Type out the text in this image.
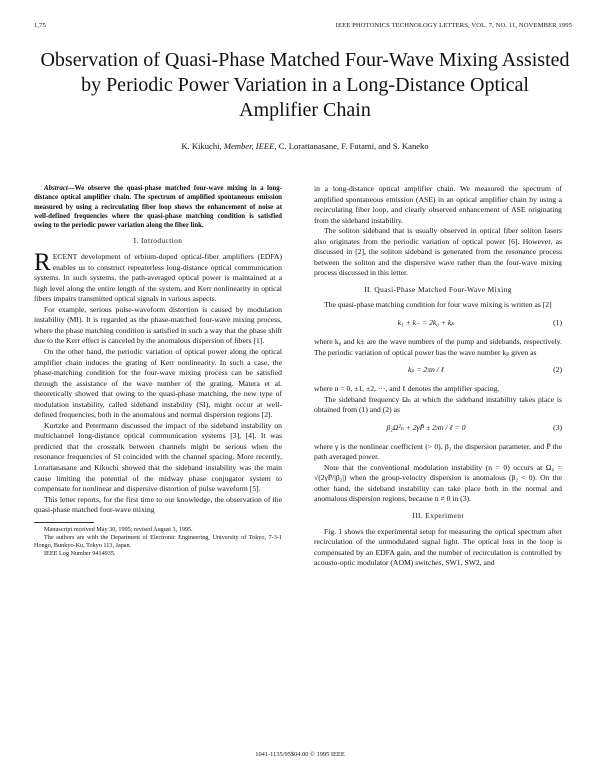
1,75	IEEE PHOTONICS TECHNOLOGY LETTERS, VOL. 7, NO. 11, NOVEMBER 1995
Observation of Quasi-Phase Matched Four-Wave Mixing Assisted by Periodic Power Variation in a Long-Distance Optical Amplifier Chain
K. Kikuchi, Member, IEEE, C. Lorattanasane, F. Futami, and S. Kaneko

Abstract—We observe the quasi-phase matched four-wave mixing in a long-distance optical amplifier chain. The spectrum of amplified spontaneous emission measured by using a recirculating fiber loop shows the enhancement of noise at well-defined frequencies where the quasi-phase matching condition is satisfied owing to the periodic power variation along the fiber link.

I. Introduction

RECENT development of erbium-doped optical-fiber amplifiers (EDFA) enables us to construct repeaterless long-distance optical communication systems. In such systems, the path-averaged optical power is maintained at a high level along the entire length of the system, and Kerr nonlinearity in optical fibers impairs transmitted optical signals in various aspects.

For example, serious pulse-waveform distortion is caused by modulation instability (MI). It is regarded as the phase-matched four-wave mixing process, where the phase matching condition is satisfied in such a way that the phase shift due to the Kerr effect is canceled by the anomalous dispersion of fibers [1].

On the other hand, the periodic variation of optical power along the optical amplifier chain induces the grating of Kerr nonlinearity. In such a case, the phase-matching condition for the four-wave mixing process can be satisfied through the assistance of the wave number of the grating. Matera et al. theoretically showed that owing to the quasi-phase matching, the new type of modulation instability, called sideband instability (SI), might occur at well-defined frequencies, both in the anomalous and normal dispersion regions [2].

Kurtzke and Petermann discussed the impact of the sideband instability on multichannel long-distance optical communication systems [3], [4]. It was predicted that the crosstalk between channels might be serious when the resonance frequencies of SI coincided with the channel spacing. More recently, Lorattanasane and Kikuchi showed that the sideband instability was the main cause limiting the potential of the midway phase conjugator system to compensate for nonlinear and dispersive distortion of pulse waveform [5].

This letter reports, for the first time to our knowledge, the observation of the quasi-phase matched four-wave mixing

Manuscript received May 30, 1995; revised August 3, 1995.

The authors are with the Department of Electronic Engineering, University of Tokyo, 7-3-1 Hongo, Bunkyo-Ku, Tokyo 113, Japan.

IEEE Log Number 9414935.

in a long-distance optical amplifier chain. We measured the spectrum of amplified spontaneous emission (ASE) in an optical amplifier chain by using a recirculating fiber loop, and clearly observed enhancement of ASE originating from the sideband instability.

The soliton sideband that is usually observed in optical fiber soliton lasers also originates from the periodic variation of optical power [6]. However, as discussed in [2], the soliton sideband is generated from the resonance process between the soliton and the dispersive wave rather than the four-wave mixing process discussed in this letter.

II. Quasi-Phase Matched Four-Wave Mixing

The quasi-phase matching condition for four wave mixing is written as [2]

k₁ + k₋ = 2k₀ + kₚ	(1)

where k₀ and k± are the wave numbers of the pump and sidebands, respectively. The periodic variation of optical power has the wave number kₚ given as

kₚ = 2πn / ℓ	(2)

where n = 0, ±1, ±2, ···, and ℓ denotes the amplifier spacing.

The sideband frequency Ωₙ at which the sideband instability takes place is obtained from (1) and (2) as

β₂Ω²ₙ + 2γP̄ ± 2πn / ℓ = 0	(3)

where γ is the nonlinear coefficient (> 0), β₂ the dispersion parameter, and P̄ the path averaged power.

Note that the conventional modulation instability (n = 0) occurs at Ω₀ = √(2γP̄/|β₂|) when the group-velocity dispersion is anomalous (β₂ < 0). On the other hand, the sideband instability can take place both in the normal and anomalous dispersion regions, because n ≠ 0 in (3).

III. Experiment

Fig. 1 shows the experimental setup for measuring the optical spectrum after recirculation of the unmodulated signal light. The optical loss in the loop is compensated by an EDFA gain, and the number of recirculation is controlled by acousto-optic modulator (AOM) switches, SW1, SW2, and

1041-1135/95$04.00 © 1995 IEEE
